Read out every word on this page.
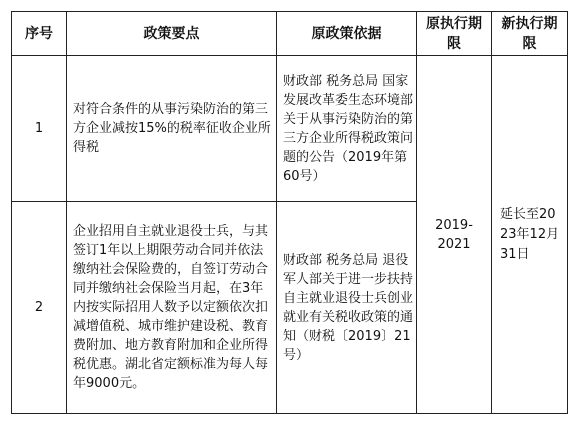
序号	政策要点	原政策依据	原执行期限	新执行期限
1	对符合条件的从事污染防治的第三方企业减按15%的税率征收企业所得税	财政部 税务总局 国家发展改革委生态环境部关于从事污染防治的第三方企业所得税政策问题的公告（2019年第60号）	2019-2021	延长至2023年12月31日

2	企业招用自主就业退役士兵，与其签订1年以上期限劳动合同并依法缴纳社会保险费的，自签订劳动合同并缴纳社会保险当月起，在3年内按实际招用人数予以定额依次扣减增值税、城市维护建设税、教育费附加、地方教育附加和企业所得税优惠。湖北省定额标准为每人每年9000元。	财政部 税务总局 退役军人部关于进一步扶持自主就业退役士兵创业就业有关税收政策的通知（财税〔2019〕21号）		
